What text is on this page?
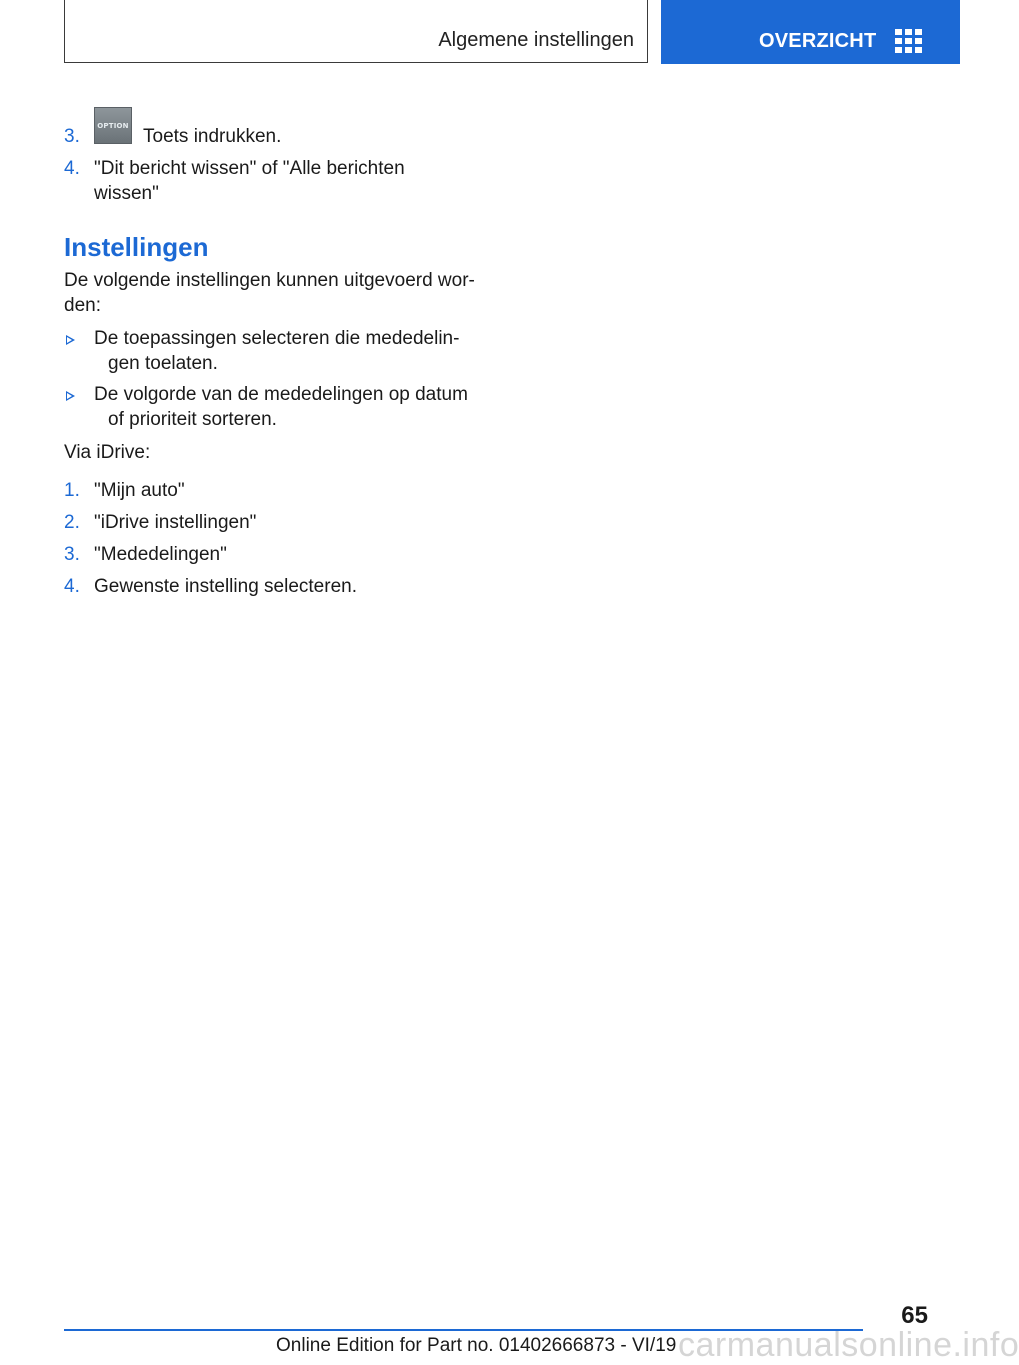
Algemene instellingen	OVERZICHT
3.
OPTION
Toets indrukken.
4. "Dit bericht wissen" of "Alle berichten
wissen"
Instellingen
De volgende instellingen kunnen uitgevoerd wor-
den:
De toepassingen selecteren die mededelin-
gen toelaten.
De volgorde van de mededelingen op datum
of prioriteit sorteren.
Via iDrive:
1. "Mijn auto"
2. "iDrive instellingen"
3. "Mededelingen"
4. Gewenste instelling selecteren.
65
Online Edition for Part no. 01402666873 - VI/19 carmanualsonline.info
